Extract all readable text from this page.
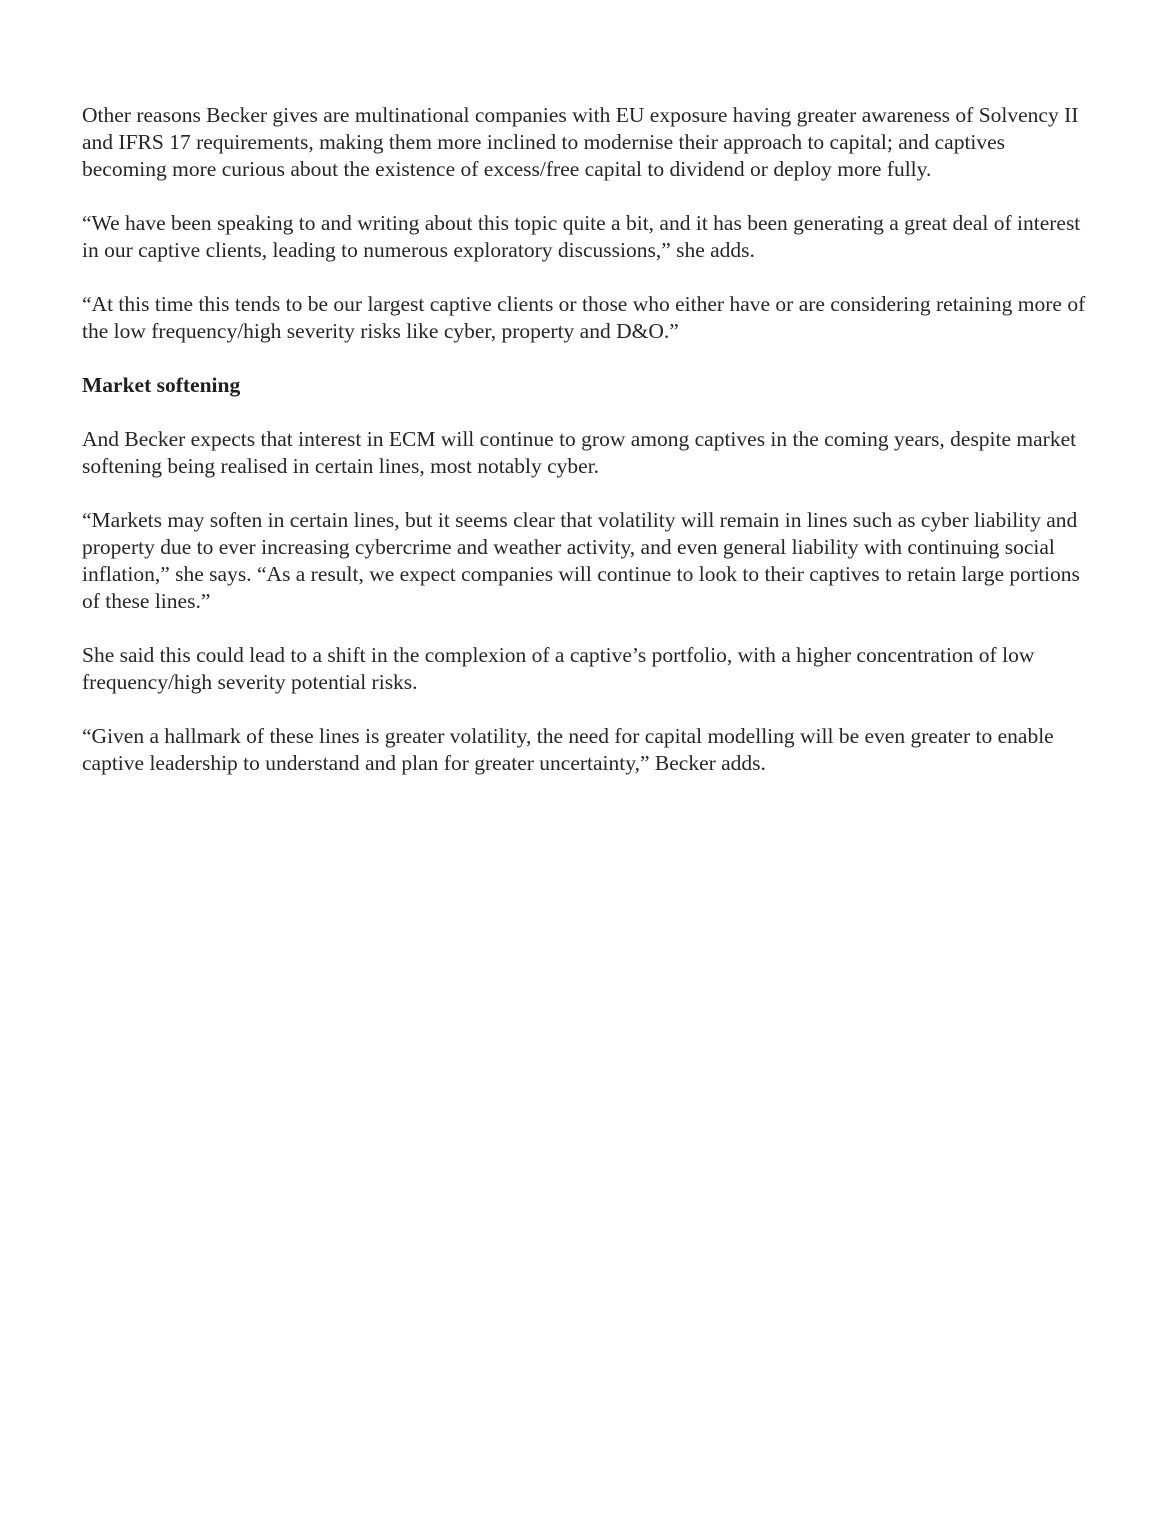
Other reasons Becker gives are multinational companies with EU exposure having greater awareness of Solvency II and IFRS 17 requirements, making them more inclined to modernise their approach to capital; and captives becoming more curious about the existence of excess/free capital to dividend or deploy more fully.

“We have been speaking to and writing about this topic quite a bit, and it has been generating a great deal of interest in our captive clients, leading to numerous exploratory discussions,” she adds.

“At this time this tends to be our largest captive clients or those who either have or are considering retaining more of the low frequency/high severity risks like cyber, property and D&O.”

Market softening

And Becker expects that interest in ECM will continue to grow among captives in the coming years, despite market softening being realised in certain lines, most notably cyber.

“Markets may soften in certain lines, but it seems clear that volatility will remain in lines such as cyber liability and property due to ever increasing cybercrime and weather activity, and even general liability with continuing social inflation,” she says. “As a result, we expect companies will continue to look to their captives to retain large portions of these lines.”

She said this could lead to a shift in the complexion of a captive’s portfolio, with a higher concentration of low frequency/high severity potential risks.

“Given a hallmark of these lines is greater volatility, the need for capital modelling will be even greater to enable captive leadership to understand and plan for greater uncertainty,” Becker adds.
